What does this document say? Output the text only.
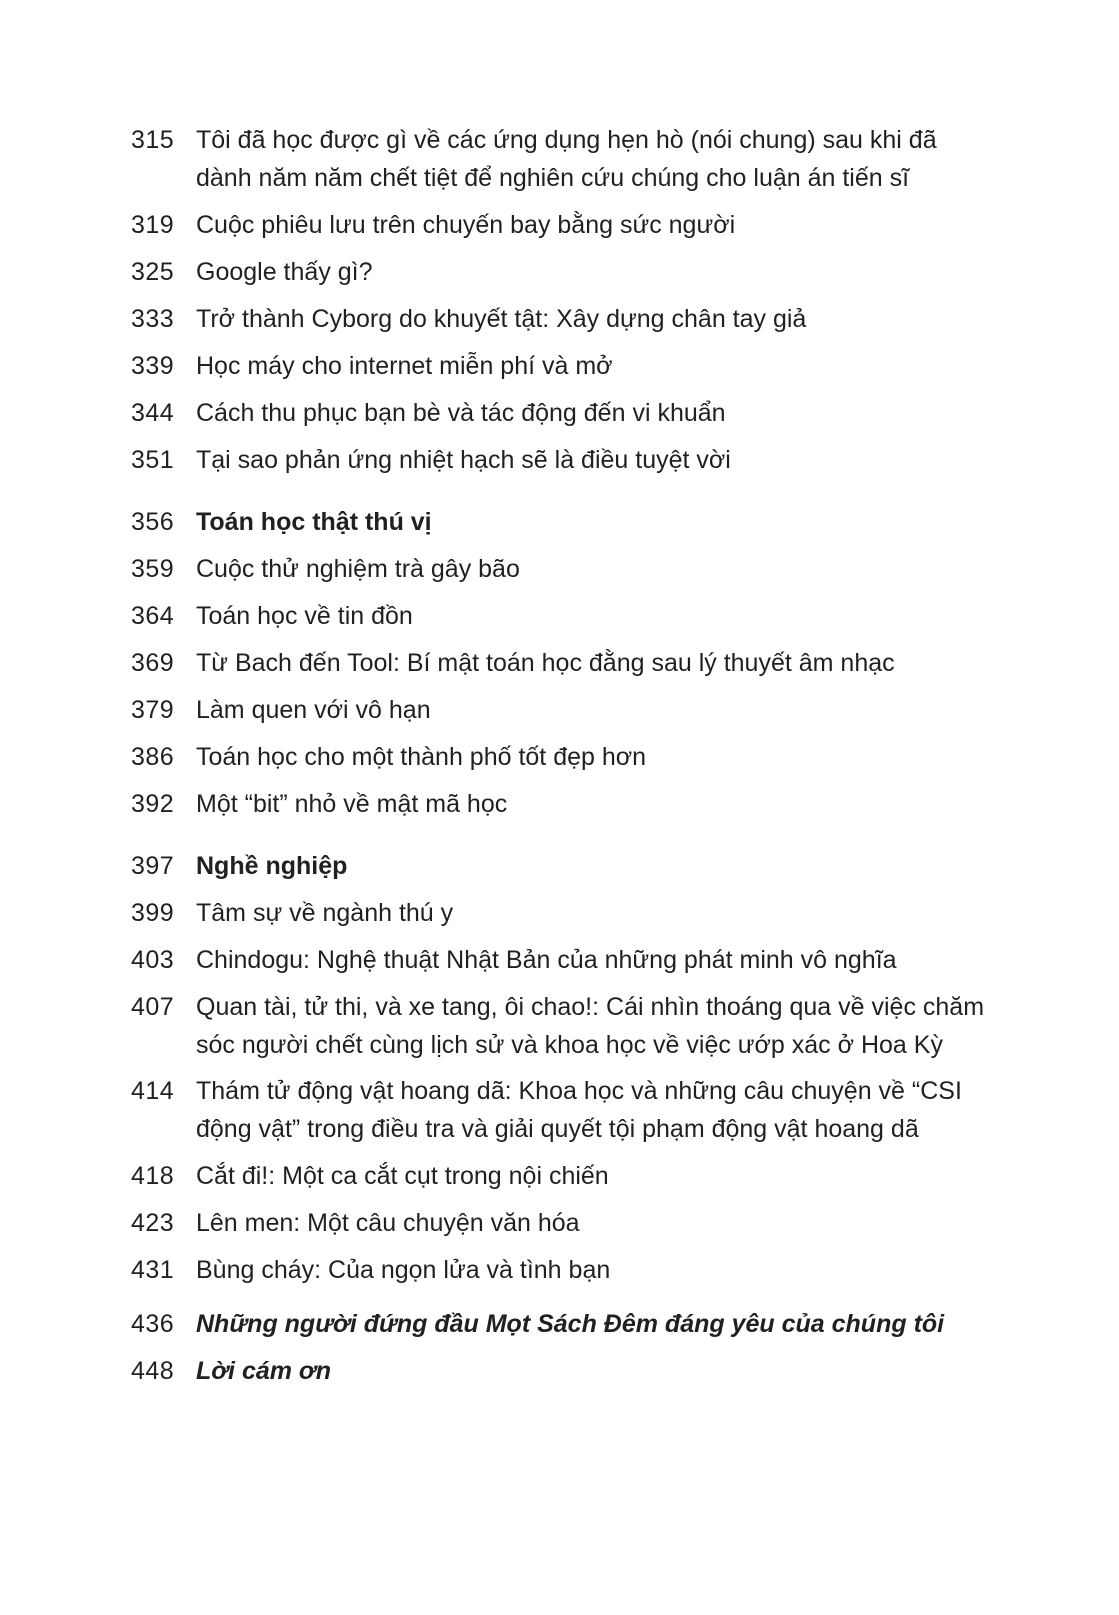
315 Tôi đã học được gì về các ứng dụng hẹn hò (nói chung) sau khi đã dành năm năm chết tiệt để nghiên cứu chúng cho luận án tiến sĩ
319 Cuộc phiêu lưu trên chuyến bay bằng sức người
325 Google thấy gì?
333 Trở thành Cyborg do khuyết tật: Xây dựng chân tay giả
339 Học máy cho internet miễn phí và mở
344 Cách thu phục bạn bè và tác động đến vi khuẩn
351 Tại sao phản ứng nhiệt hạch sẽ là điều tuyệt vời
356 Toán học thật thú vị
359 Cuộc thử nghiệm trà gây bão
364 Toán học về tin đồn
369 Từ Bach đến Tool: Bí mật toán học đằng sau lý thuyết âm nhạc
379 Làm quen với vô hạn
386 Toán học cho một thành phố tốt đẹp hơn
392 Một “bit” nhỏ về mật mã học
397 Nghề nghiệp
399 Tâm sự về ngành thú y
403 Chindogu: Nghệ thuật Nhật Bản của những phát minh vô nghĩa
407 Quan tài, tử thi, và xe tang, ôi chao!: Cái nhìn thoáng qua về việc chăm sóc người chết cùng lịch sử và khoa học về việc ướp xác ở Hoa Kỳ
414 Thám tử động vật hoang dã: Khoa học và những câu chuyện về “CSI động vật” trong điều tra và giải quyết tội phạm động vật hoang dã
418 Cắt đi!: Một ca cắt cụt trong nội chiến
423 Lên men: Một câu chuyện văn hóa
431 Bùng cháy: Của ngọn lửa và tình bạn
436 Những người đứng đầu Mọt Sách Đêm đáng yêu của chúng tôi
448 Lời cám ơn
